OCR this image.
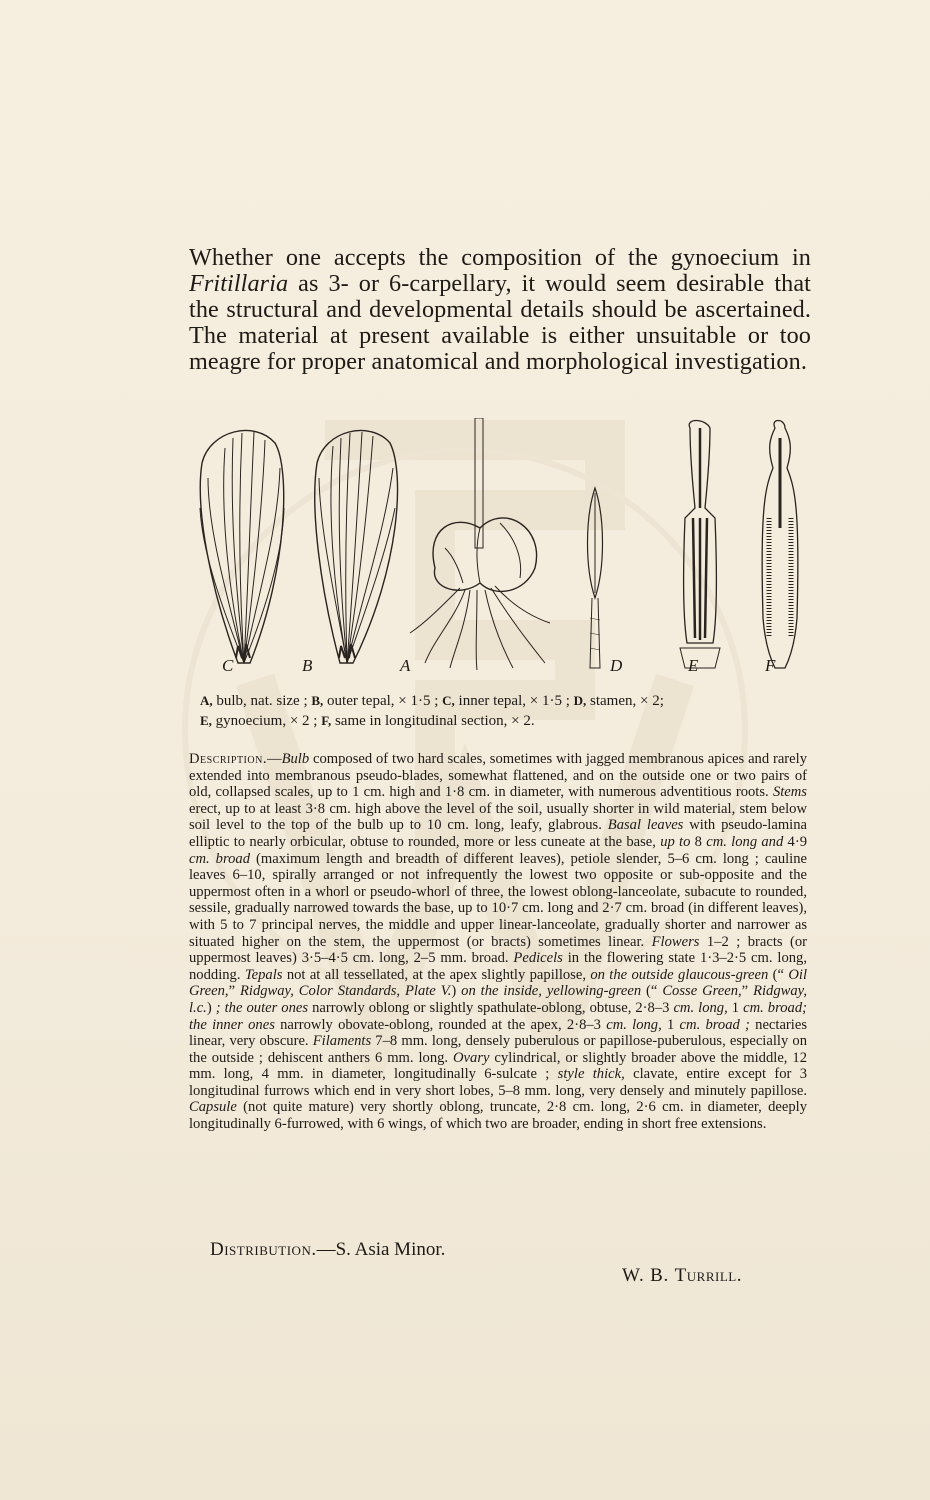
Whether one accepts the composition of the gynoecium in Fritillaria as 3- or 6-carpellary, it would seem desirable that the structural and developmental details should be ascertained. The material at present available is either unsuitable or too meagre for proper anatomical and morphological investigation.

C	B	A	D	E	F
A, bulb, nat. size ; B, outer tepal, × 1·5 ; C, inner tepal, × 1·5 ; D, stamen, × 2;
E, gynoecium, × 2 ; F, same in longitudinal section, × 2.

Description.—Bulb composed of two hard scales, sometimes with jagged membranous apices and rarely extended into membranous pseudo-blades, somewhat flattened, and on the outside one or two pairs of old, collapsed scales, up to 1 cm. high and 1·8 cm. in diameter, with numerous adventitious roots. Stems erect, up to at least 3·8 cm. high above the level of the soil, usually shorter in wild material, stem below soil level to the top of the bulb up to 10 cm. long, leafy, glabrous. Basal leaves with pseudo-lamina elliptic to nearly orbicular, obtuse to rounded, more or less cuneate at the base, up to 8 cm. long and 4·9 cm. broad (maximum length and breadth of different leaves), petiole slender, 5–6 cm. long ; cauline leaves 6–10, spirally arranged or not infrequently the lowest two opposite or sub-opposite and the uppermost often in a whorl or pseudo-whorl of three, the lowest oblong-lanceolate, subacute to rounded, sessile, gradually narrowed towards the base, up to 10·7 cm. long and 2·7 cm. broad (in different leaves), with 5 to 7 principal nerves, the middle and upper linear-lanceolate, gradually shorter and narrower as situated higher on the stem, the uppermost (or bracts) sometimes linear. Flowers 1–2 ; bracts (or uppermost leaves) 3·5–4·5 cm. long, 2–5 mm. broad. Pedicels in the flowering state 1·3–2·5 cm. long, nodding. Tepals not at all tessellated, at the apex slightly papillose, on the outside glaucous-green (“ Oil Green,” Ridgway, Color Standards, Plate V.) on the inside, yellowing-green (“ Cosse Green,” Ridgway, l.c.) ; the outer ones narrowly oblong or slightly spathulate-oblong, obtuse, 2·8–3 cm. long, 1 cm. broad; the inner ones narrowly obovate-oblong, rounded at the apex, 2·8–3 cm. long, 1 cm. broad ; nectaries linear, very obscure. Filaments 7–8 mm. long, densely puberulous or papillose-puberulous, especially on the outside ; dehiscent anthers 6 mm. long. Ovary cylindrical, or slightly broader above the middle, 12 mm. long, 4 mm. in diameter, longitudinally 6-sulcate ; style thick, clavate, entire except for 3 longitudinal furrows which end in very short lobes, 5–8 mm. long, very densely and minutely papillose. Capsule (not quite mature) very shortly oblong, truncate, 2·8 cm. long, 2·6 cm. in diameter, deeply longitudinally 6-furrowed, with 6 wings, of which two are broader, ending in short free extensions.

Distribution.—S. Asia Minor.
W. B. Turrill.
